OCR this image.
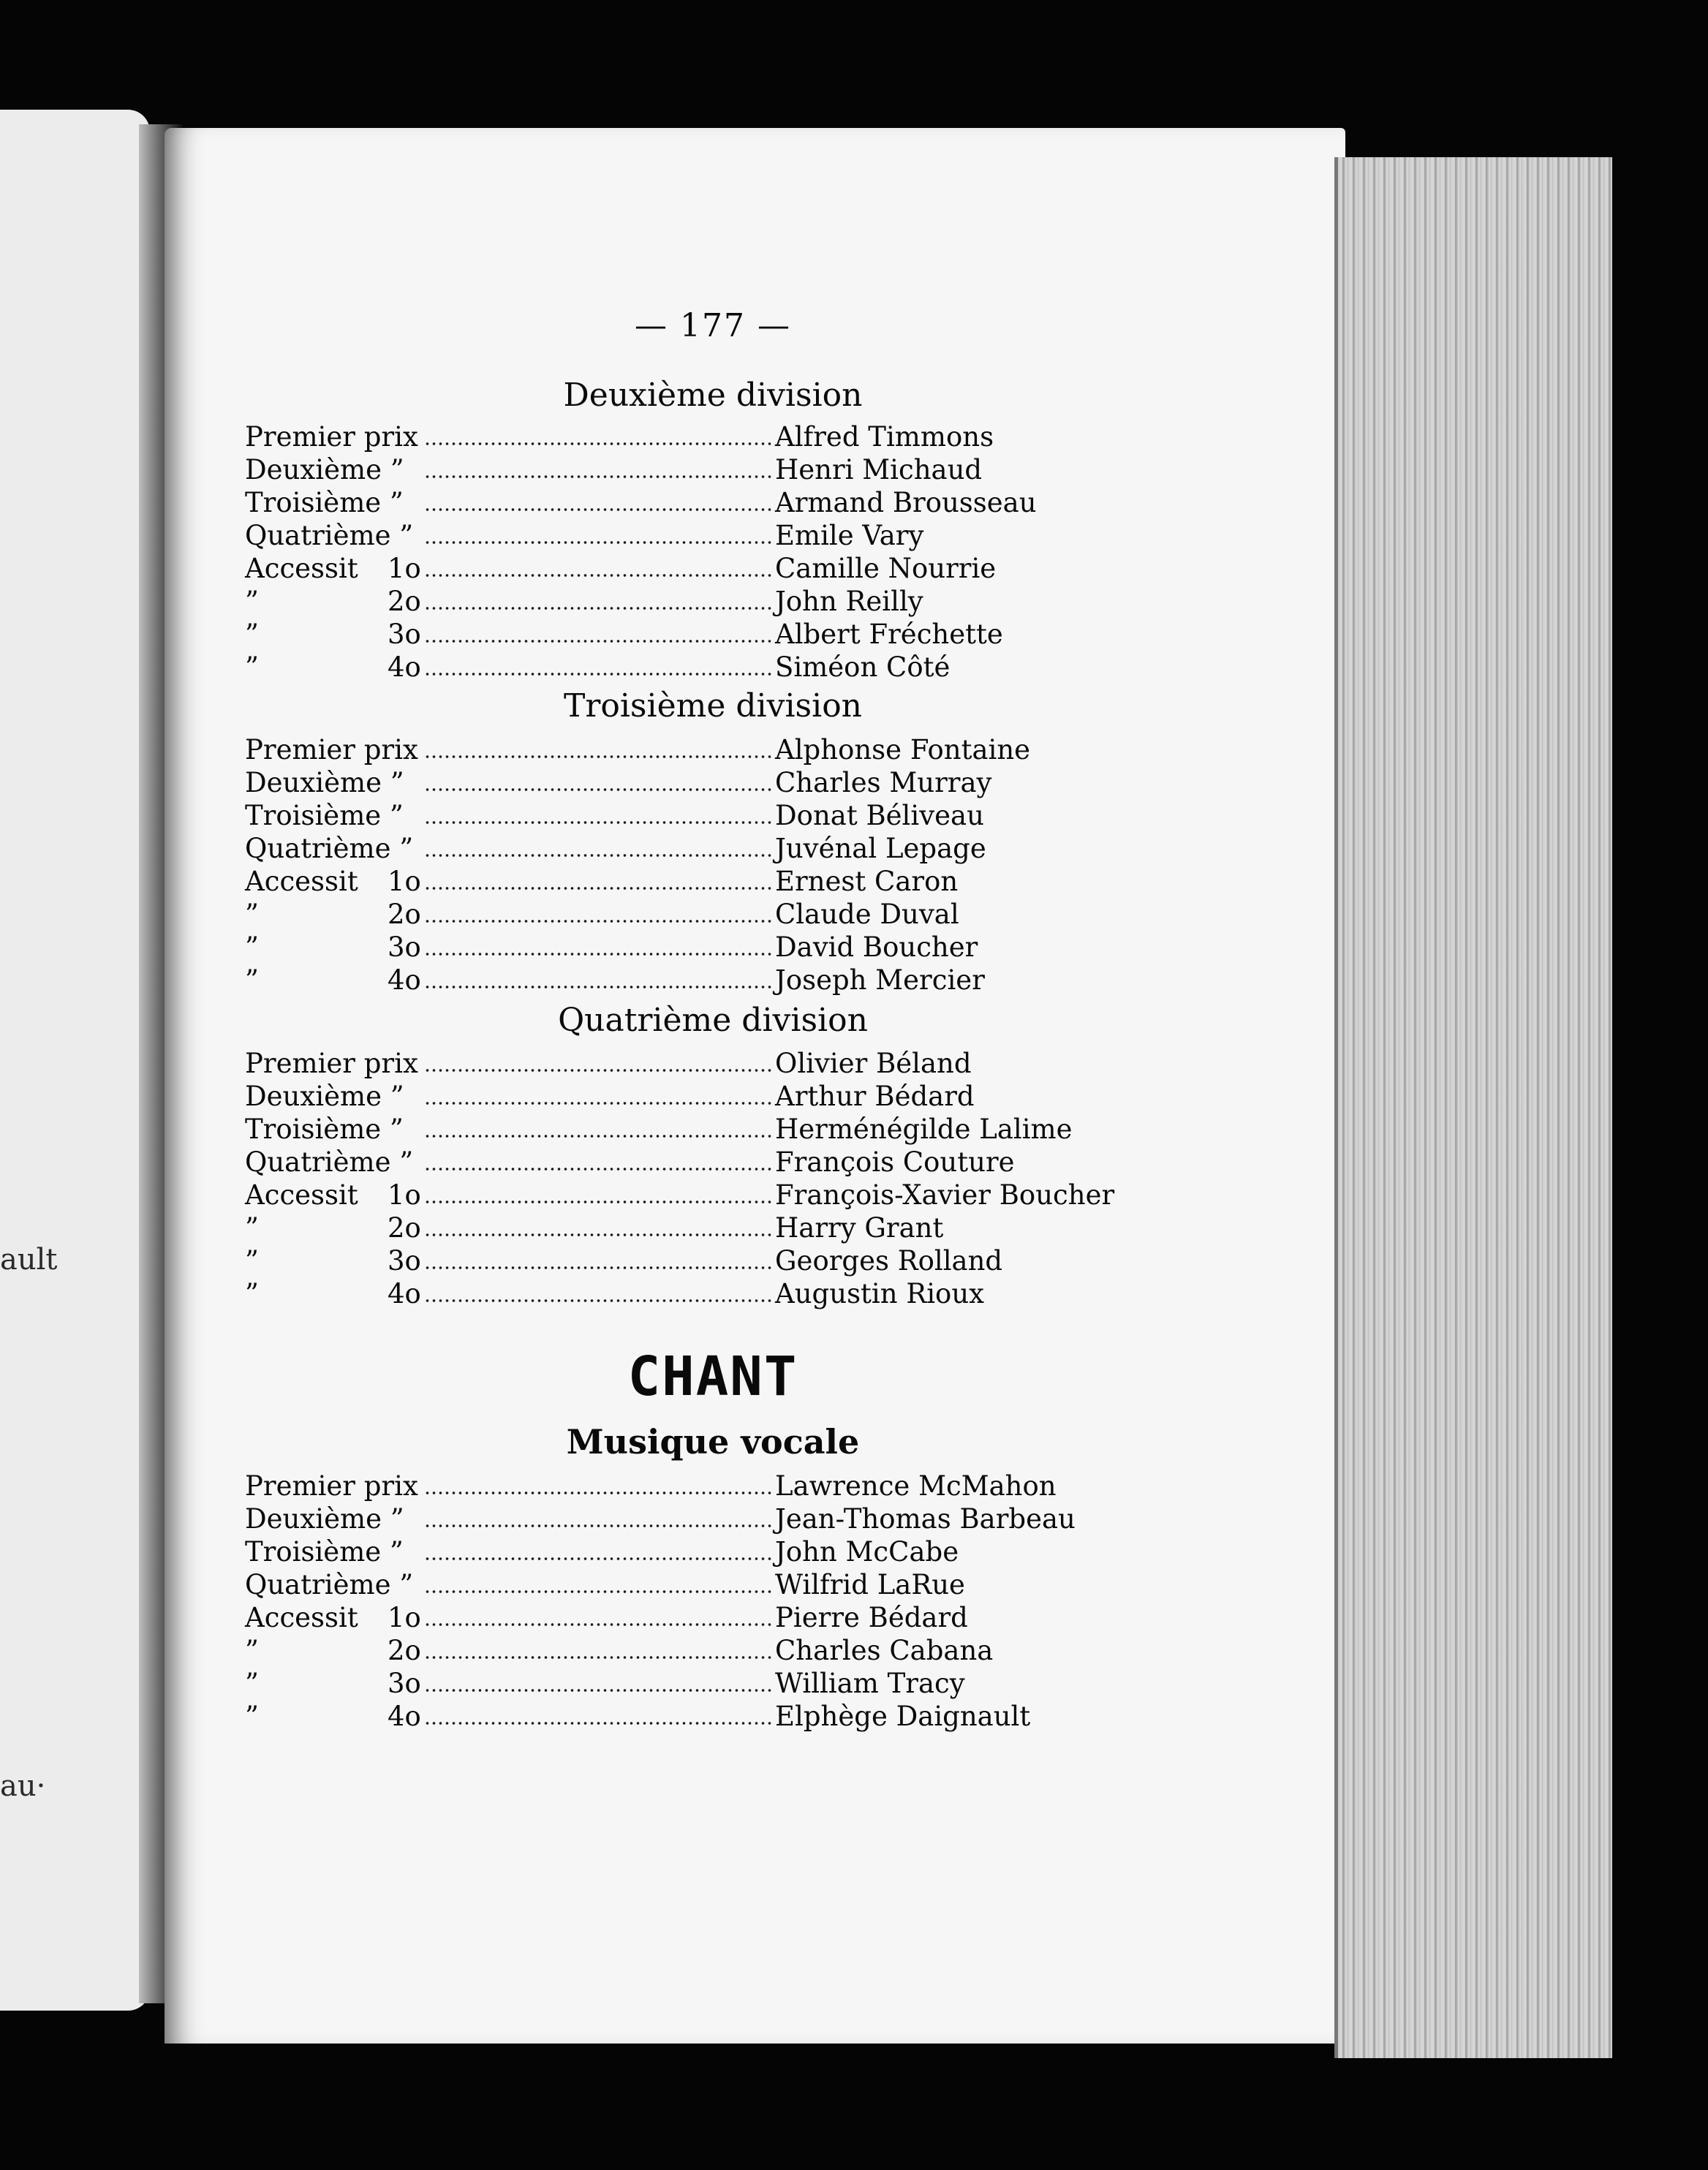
ault
au·
— 177 —
Deuxième division
Premier prix	Alfred Timmons
Deuxième ”	Henri Michaud
Troisième ”	Armand Brousseau
Quatrième ”	Emile Vary
Accessit 1o	Camille Nourrie
”	2o	John Reilly
”	3o	Albert Fréchette
”	4o	Siméon Côté
Troisième division
Premier prix	Alphonse Fontaine
Deuxième ”	Charles Murray
Troisième ”	Donat Béliveau
Quatrième ”	Juvénal Lepage
Accessit 1o	Ernest Caron
”	2o	Claude Duval
”	3o	David Boucher
”	4o	Joseph Mercier
Quatrième division
Premier prix	Olivier Béland
Deuxième ”	Arthur Bédard
Troisième ”	Herménégilde Lalime
Quatrième ”	François Couture
Accessit 1o	François-Xavier Boucher
”	2o	Harry Grant
”	3o	Georges Rolland
”	4o	Augustin Rioux
CHANT
Musique vocale
Premier prix	Lawrence McMahon
Deuxième ”	Jean-Thomas Barbeau
Troisième ”	John McCabe
Quatrième ”	Wilfrid LaRue
Accessit 1o	Pierre Bédard
”	2o	Charles Cabana
”	3o	William Tracy
”	4o	Elphège Daignault
